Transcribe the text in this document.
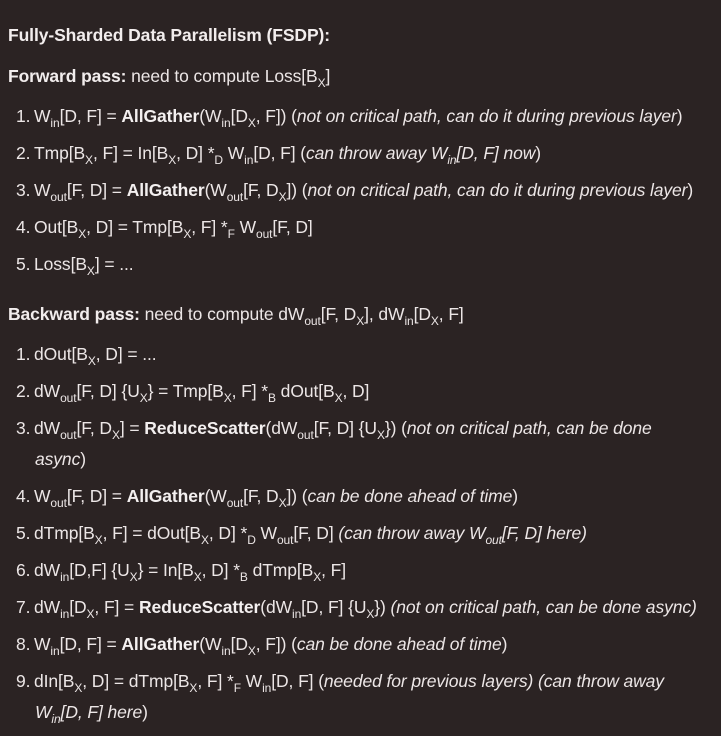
Fully-Sharded Data Parallelism (FSDP):
Forward pass: need to compute $Loss[B_X]$
1. $W_{in}[D$, $F] = AllGather(W_{in}[D_X$, F]) (not on critical path, can do it during previous layer)
2. $Tmp[B_X$, $F] = In[B_X$, D] $*_D$ $W_{in}[D$, F] (can throw away $W_{in}[D$, F] now)
3. $W_{out}[F$, $D] = AllGather(W_{out}[F$, $D_X$]) (not on critical path, can do it during previous layer)
4. $Out[B_X$, $D] = Tmp[B_X$, F] $*_F$ $W_{out}[F$, D]
5. $Loss[B_X]$ = ...
Backward pass: need to compute $dW_{out}[F$, $D_X$], $dW_{in}[D_X$, F]
1. $dOut[B_X$, D] = ...
2. $dW_{out}[F$, D] $\{U_X\} = Tmp[B_X$, F] $*_B$ $dOut[B_X$, D]
3. $dW_{out}[F$, $D_X$] = $ReduceScatter(dW_{out}[F$, D] $\{U_X\}$) (not on critical path, can be done
async)
4. $W_{out}[F$, $D] = AllGather(W_{out}[F$, $D_X$]) (can be done ahead of time)
5. $dTmp[B_X$, $F] = dOut[B_X$, D] $*_D$ $W_{out}[F$, D] (can throw away $W_{out}[F$, D] here)
6. $dW_{in}[D,F] \{U_X\} = In[B_X$, D] $*_B$ $dTmp[B_X$, F]
7. $dW_{in}[D_X$, $F] = ReduceScatter(dW_{in}[D$, F] $\{U_X\}$) (not on critical path, can be done async)
8. $W_{in}[D$, $F] = AllGather(W_{in}[D_X$, F]) (can be done ahead of time)
9. $dIn[B_X$, $D] = dTmp[B_X$, F] $*_F$ $W_{in}[D$, F] (needed for previous layers) (can throw away
$W_{in}[D$, F] here)
